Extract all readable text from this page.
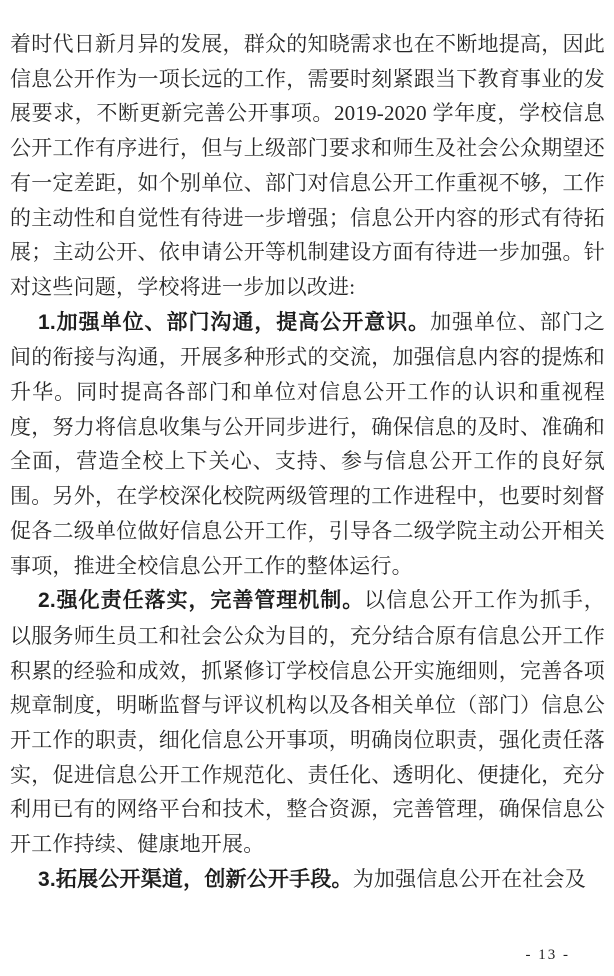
着时代日新月异的发展，群众的知晓需求也在不断地提高，因此信息公开作为一项长远的工作，需要时刻紧跟当下教育事业的发展要求，不断更新完善公开事项。2019-2020 学年度，学校信息公开工作有序进行，但与上级部门要求和师生及社会公众期望还有一定差距，如个别单位、部门对信息公开工作重视不够，工作的主动性和自觉性有待进一步增强；信息公开内容的形式有待拓展；主动公开、依申请公开等机制建设方面有待进一步加强。针对这些问题，学校将进一步加以改进:

1.加强单位、部门沟通，提高公开意识。加强单位、部门之间的衔接与沟通，开展多种形式的交流，加强信息内容的提炼和升华。同时提高各部门和单位对信息公开工作的认识和重视程度，努力将信息收集与公开同步进行，确保信息的及时、准确和全面，营造全校上下关心、支持、参与信息公开工作的良好氛围。另外，在学校深化校院两级管理的工作进程中，也要时刻督促各二级单位做好信息公开工作，引导各二级学院主动公开相关事项，推进全校信息公开工作的整体运行。

2.强化责任落实，完善管理机制。以信息公开工作为抓手，以服务师生员工和社会公众为目的，充分结合原有信息公开工作积累的经验和成效，抓紧修订学校信息公开实施细则，完善各项规章制度，明晰监督与评议机构以及各相关单位（部门）信息公开工作的职责，细化信息公开事项，明确岗位职责，强化责任落实，促进信息公开工作规范化、责任化、透明化、便捷化，充分利用已有的网络平台和技术，整合资源，完善管理，确保信息公开工作持续、健康地开展。

3.拓展公开渠道，创新公开手段。为加强信息公开在社会及

- 13 -
